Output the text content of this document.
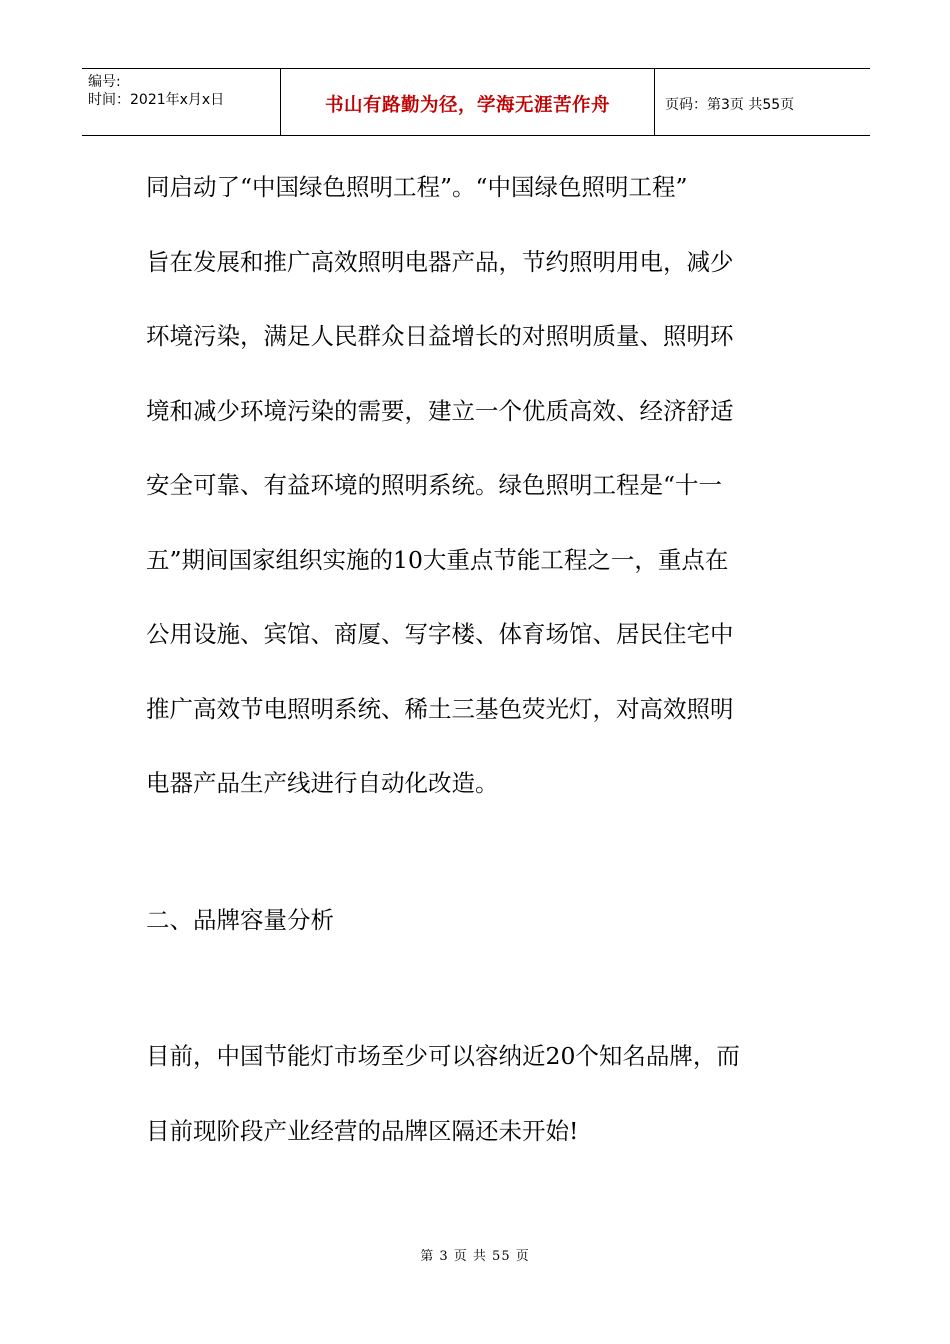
编号:
时间：2021年x月x日	书山有路勤为径，学海无涯苦作舟	页码：第3页 共55页
同启动了“中国绿色照明工程”。“中国绿色照明工程”
旨在发展和推广高效照明电器产品，节约照明用电，减少
环境污染，满足人民群众日益增长的对照明质量、照明环
境和减少环境污染的需要，建立一个优质高效、经济舒适
安全可靠、有益环境的照明系统。绿色照明工程是“十一
五”期间国家组织实施的10大重点节能工程之一，重点在
公用设施、宾馆、商厦、写字楼、体育场馆、居民住宅中
推广高效节电照明系统、稀土三基色荧光灯，对高效照明
电器产品生产线进行自动化改造。
二、品牌容量分析
目前，中国节能灯市场至少可以容纳近20个知名品牌，而
目前现阶段产业经营的品牌区隔还未开始!
第 3 页 共 55 页
